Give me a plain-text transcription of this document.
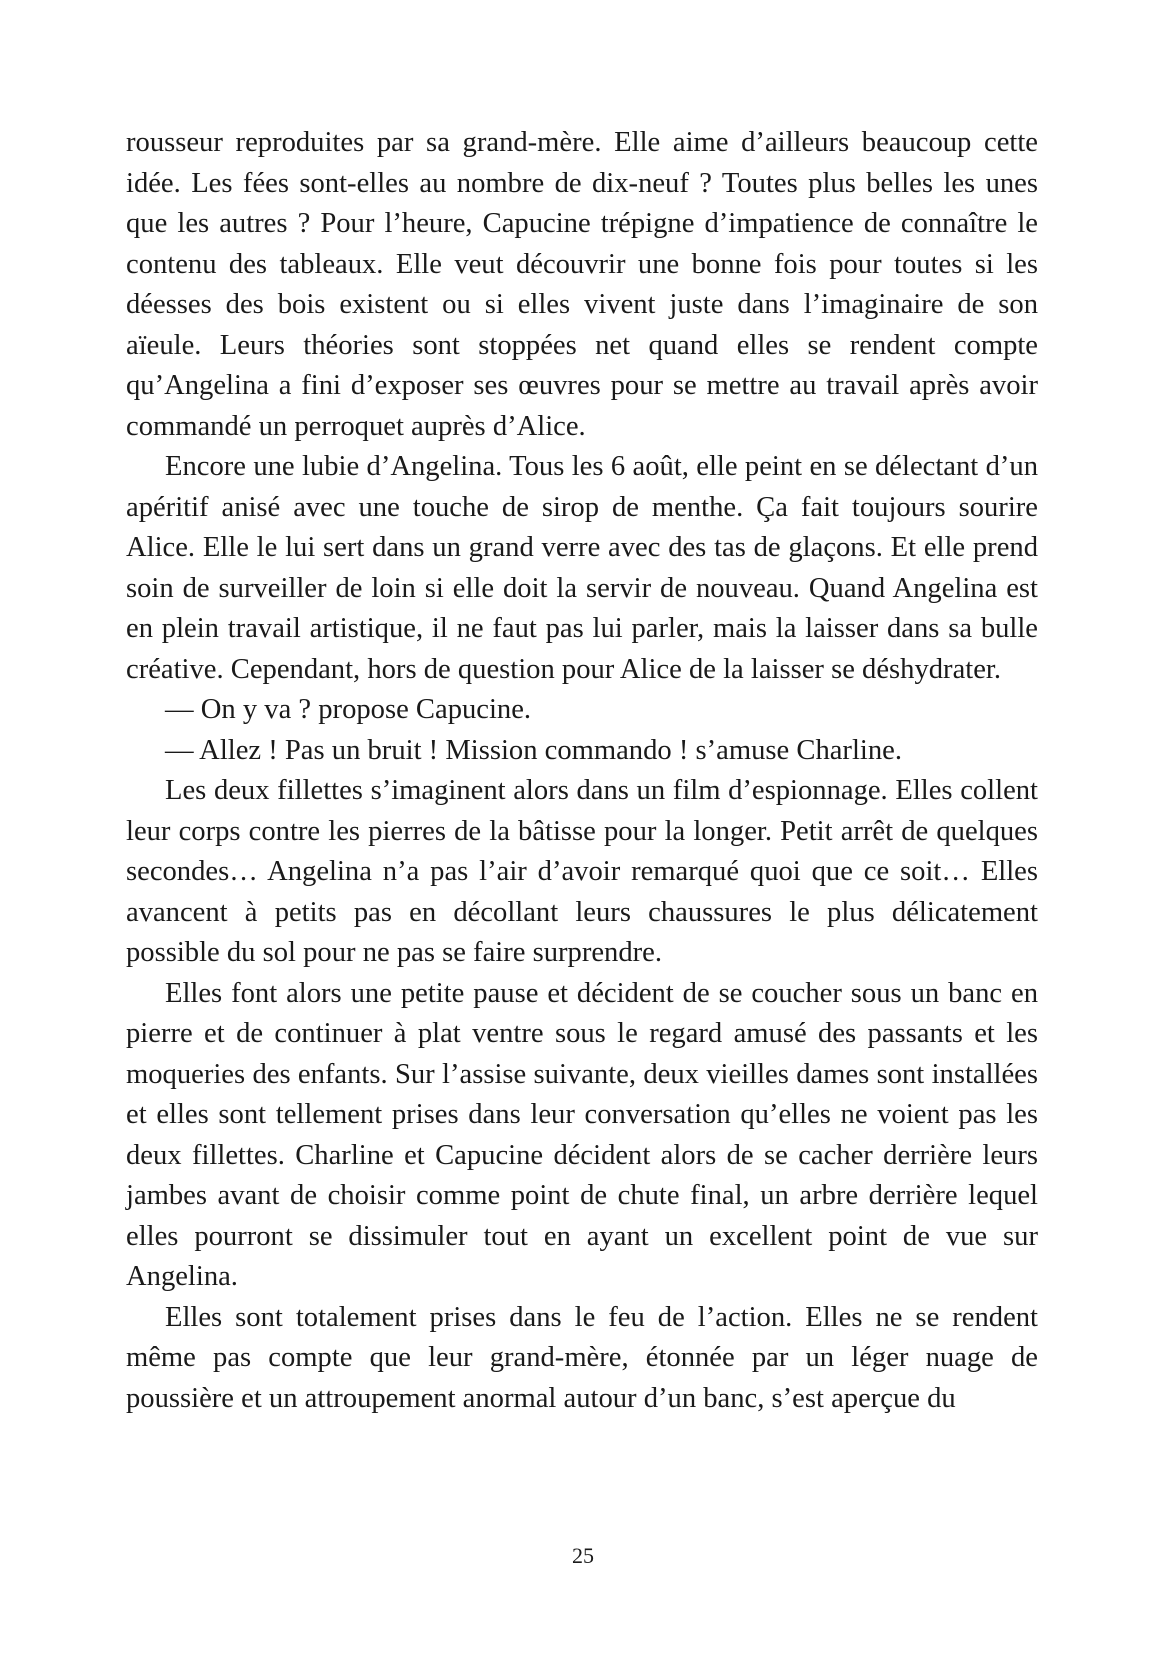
rousseur reproduites par sa grand-mère. Elle aime d’ailleurs beaucoup cette idée. Les fées sont-elles au nombre de dix-neuf ? Toutes plus belles les unes que les autres ? Pour l’heure, Capucine trépigne d’impatience de connaître le contenu des tableaux. Elle veut découvrir une bonne fois pour toutes si les déesses des bois existent ou si elles vivent juste dans l’imaginaire de son aïeule. Leurs théories sont stoppées net quand elles se rendent compte qu’Angelina a fini d’exposer ses œuvres pour se mettre au travail après avoir commandé un perroquet auprès d’Alice.

Encore une lubie d’Angelina. Tous les 6 août, elle peint en se délectant d’un apéritif anisé avec une touche de sirop de menthe. Ça fait toujours sourire Alice. Elle le lui sert dans un grand verre avec des tas de glaçons. Et elle prend soin de surveiller de loin si elle doit la servir de nouveau. Quand Angelina est en plein travail artistique, il ne faut pas lui parler, mais la laisser dans sa bulle créative. Cependant, hors de question pour Alice de la laisser se déshydrater.

— On y va ? propose Capucine.

— Allez ! Pas un bruit ! Mission commando ! s’amuse Charline.

Les deux fillettes s’imaginent alors dans un film d’espionnage. Elles collent leur corps contre les pierres de la bâtisse pour la longer. Petit arrêt de quelques secondes… Angelina n’a pas l’air d’avoir remarqué quoi que ce soit… Elles avancent à petits pas en décollant leurs chaussures le plus délicatement possible du sol pour ne pas se faire surprendre.

Elles font alors une petite pause et décident de se coucher sous un banc en pierre et de continuer à plat ventre sous le regard amusé des passants et les moqueries des enfants. Sur l’assise suivante, deux vieilles dames sont installées et elles sont tellement prises dans leur conversation qu’elles ne voient pas les deux fillettes. Charline et Capucine décident alors de se cacher derrière leurs jambes avant de choisir comme point de chute final, un arbre derrière lequel elles pourront se dissimuler tout en ayant un excellent point de vue sur Angelina.

Elles sont totalement prises dans le feu de l’action. Elles ne se rendent même pas compte que leur grand-mère, étonnée par un léger nuage de poussière et un attroupement anormal autour d’un banc, s’est aperçue du

25
